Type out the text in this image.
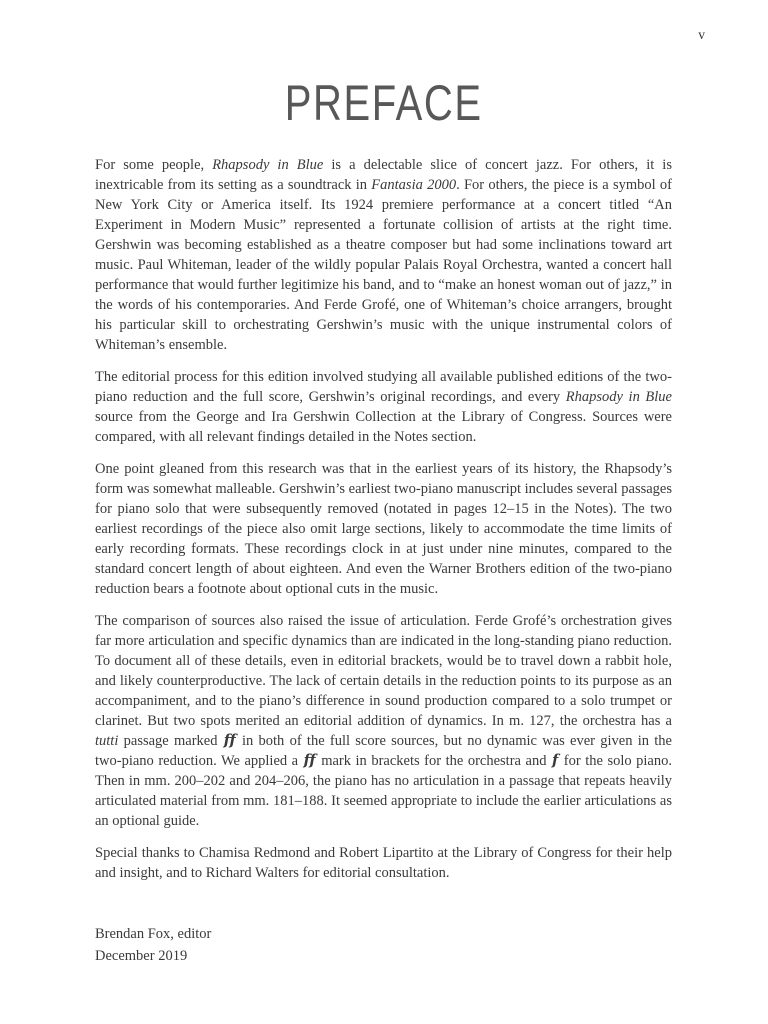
v
PREFACE

For some people, Rhapsody in Blue is a delectable slice of concert jazz. For others, it is inextricable from its setting as a soundtrack in Fantasia 2000. For others, the piece is a symbol of New York City or America itself. Its 1924 premiere performance at a concert titled “An Experiment in Modern Music” represented a fortunate collision of artists at the right time. Gershwin was becoming established as a theatre composer but had some inclinations toward art music. Paul Whiteman, leader of the wildly popular Palais Royal Orchestra, wanted a concert hall performance that would further legitimize his band, and to “make an honest woman out of jazz,” in the words of his contemporaries. And Ferde Grofé, one of Whiteman’s choice arrangers, brought his particular skill to orchestrating Gershwin’s music with the unique instrumental colors of Whiteman’s ensemble.

The editorial process for this edition involved studying all available published editions of the two-piano reduction and the full score, Gershwin’s original recordings, and every Rhapsody in Blue source from the George and Ira Gershwin Collection at the Library of Congress. Sources were compared, with all relevant findings detailed in the Notes section.

One point gleaned from this research was that in the earliest years of its history, the Rhapsody’s form was somewhat malleable. Gershwin’s earliest two-piano manuscript includes several passages for piano solo that were subsequently removed (notated in pages 12–15 in the Notes). The two earliest recordings of the piece also omit large sections, likely to accommodate the time limits of early recording formats. These recordings clock in at just under nine minutes, compared to the standard concert length of about eighteen. And even the Warner Brothers edition of the two-piano reduction bears a footnote about optional cuts in the music.

The comparison of sources also raised the issue of articulation. Ferde Grofé’s orchestration gives far more articulation and specific dynamics than are indicated in the long-standing piano reduction. To document all of these details, even in editorial brackets, would be to travel down a rabbit hole, and likely counterproductive. The lack of certain details in the reduction points to its purpose as an accompaniment, and to the piano’s difference in sound production compared to a solo trumpet or clarinet. But two spots merited an editorial addition of dynamics. In m. 127, the orchestra has a tutti passage marked ff in both of the full score sources, but no dynamic was ever given in the two-piano reduction. We applied a ff mark in brackets for the orchestra and f for the solo piano. Then in mm. 200–202 and 204–206, the piano has no articulation in a passage that repeats heavily articulated material from mm. 181–188. It seemed appropriate to include the earlier articulations as an optional guide.

Special thanks to Chamisa Redmond and Robert Lipartito at the Library of Congress for their help and insight, and to Richard Walters for editorial consultation.

Brendan Fox, editor

December 2019
